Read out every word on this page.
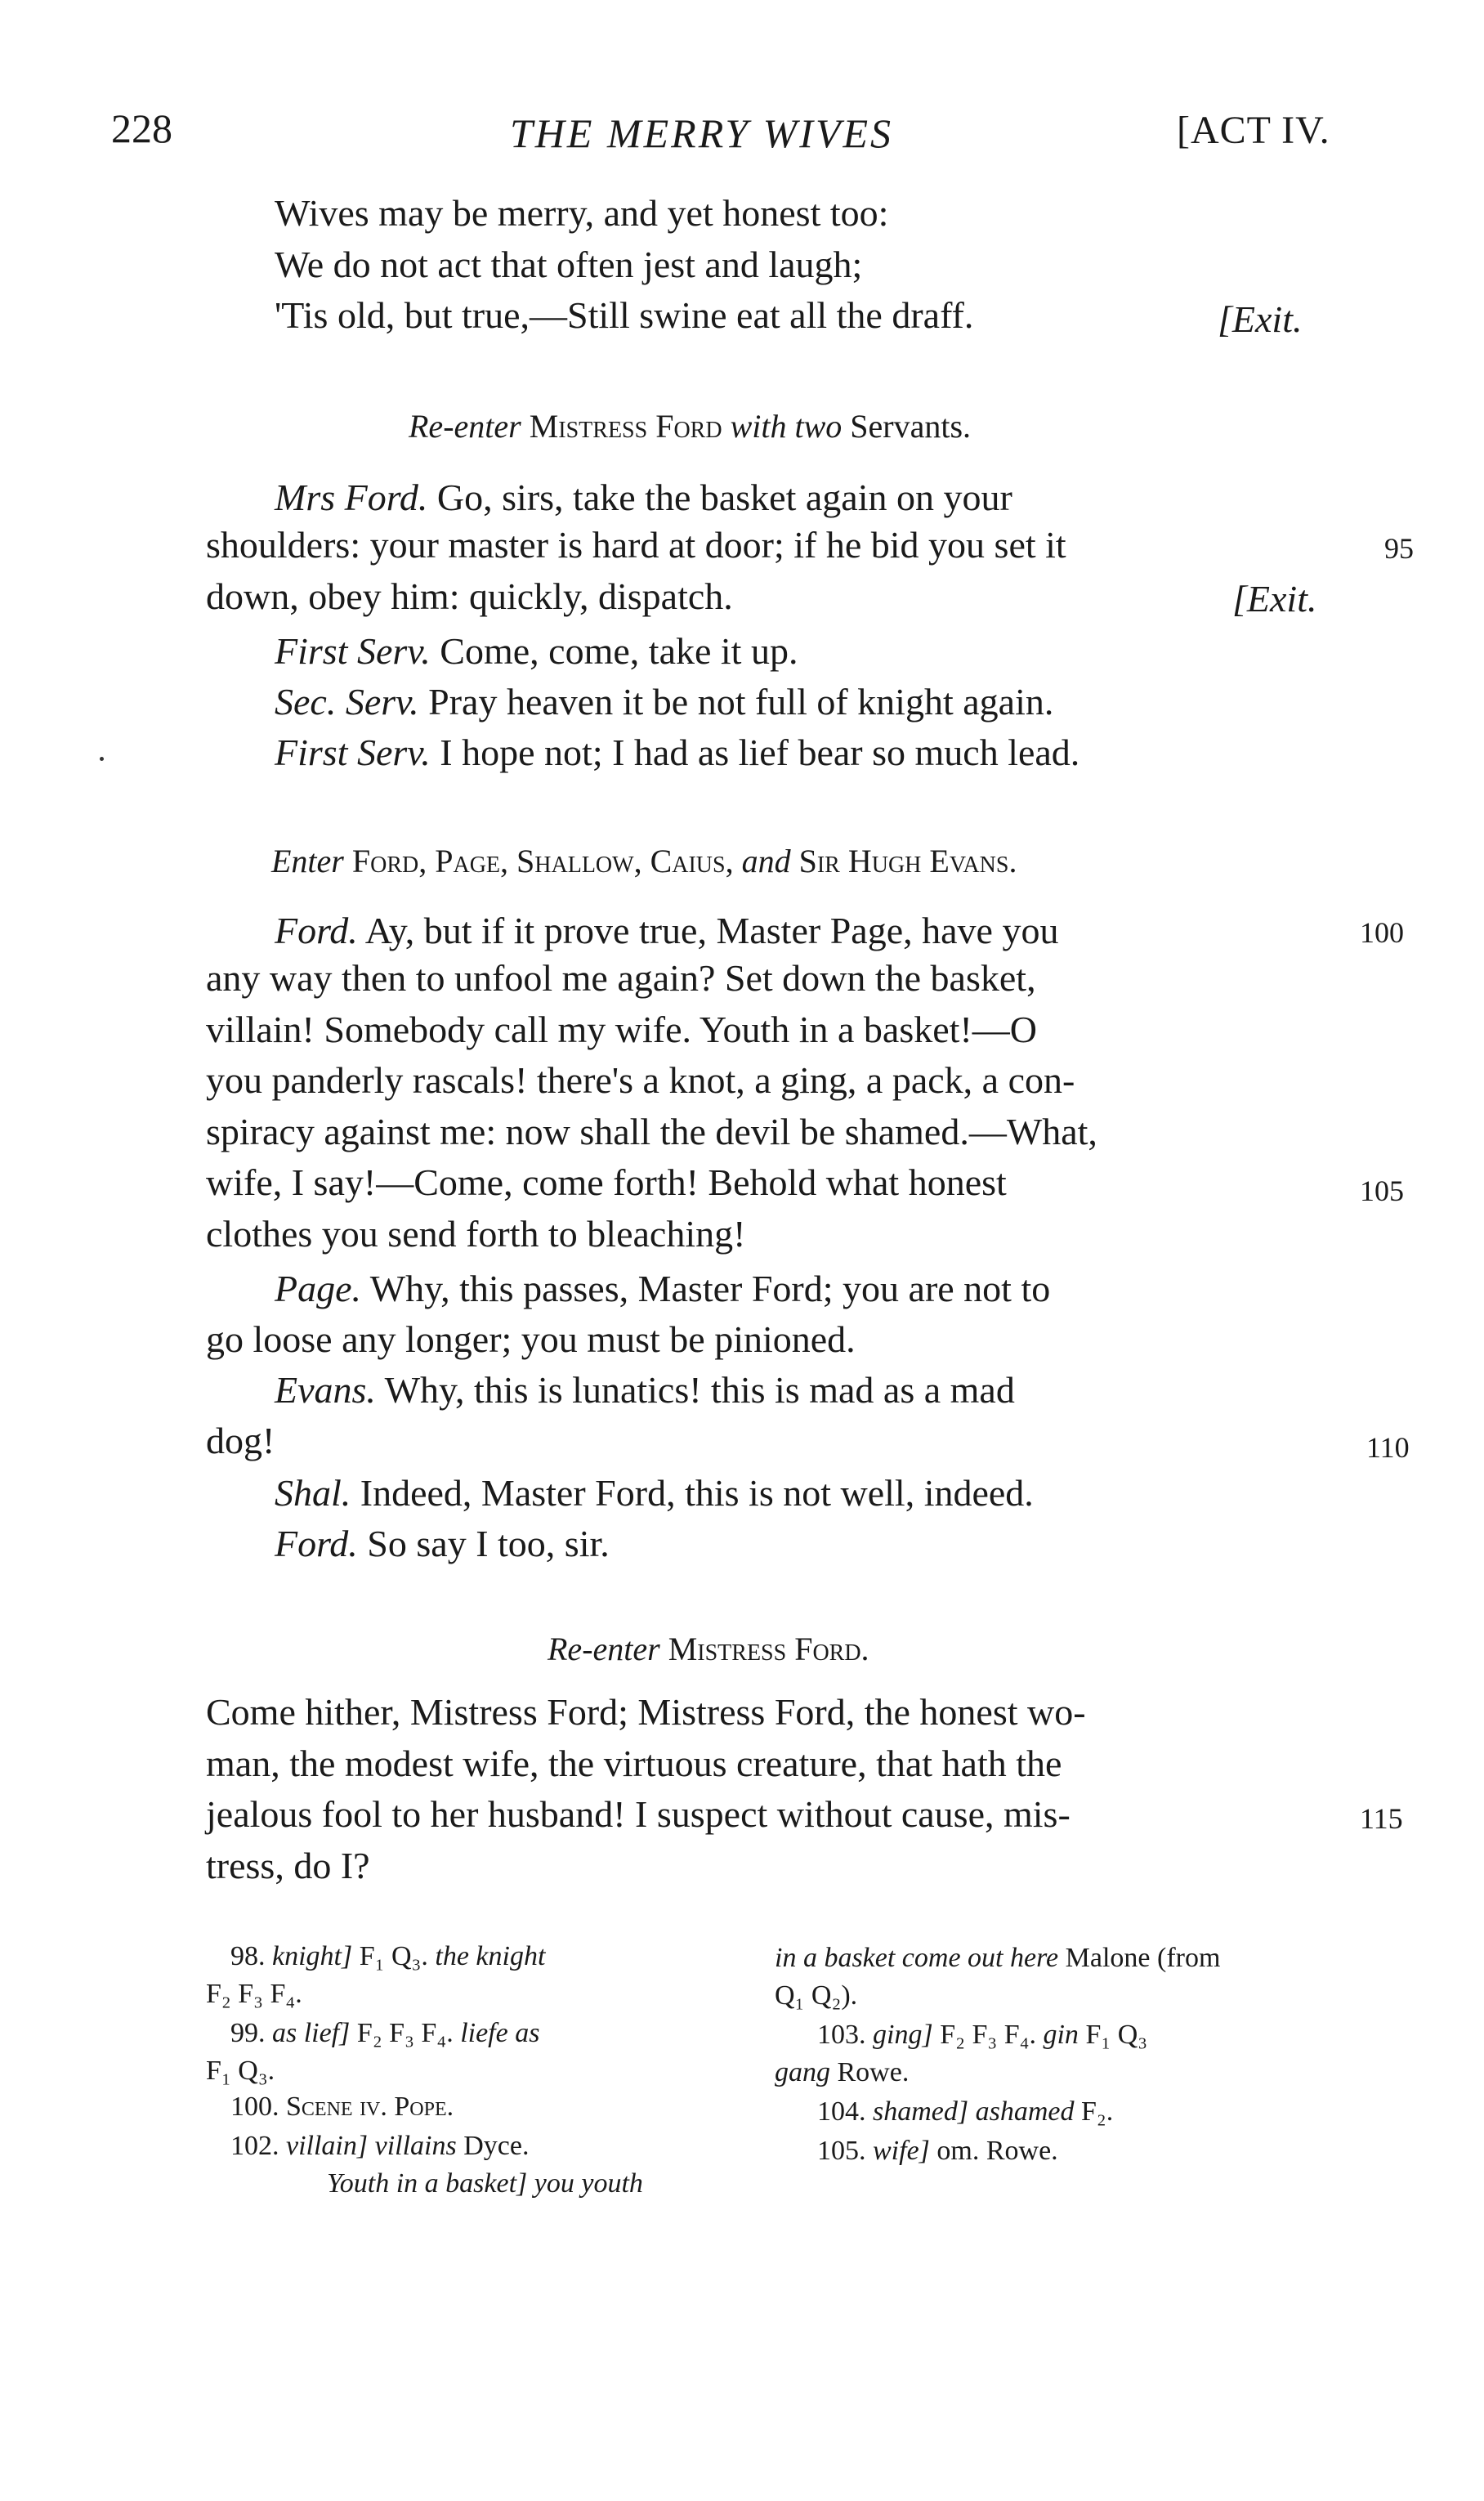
228	THE MERRY WIVES	[ACT IV.
Wives may be merry, and yet honest too:
We do not act that often jest and laugh;
'Tis old, but true,—Still swine eat all the draff.	[Exit.
Re-enter Mistress Ford with two Servants.
Mrs Ford. Go, sirs, take the basket again on your
shoulders: your master is hard at door; if he bid you set it
down, obey him: quickly, dispatch.	[Exit.
First Serv. Come, come, take it up.
Sec. Serv. Pray heaven it be not full of knight again.
First Serv. I hope not; I had as lief bear so much lead.
Enter Ford, Page, Shallow, Caius, and Sir Hugh Evans.
Ford. Ay, but if it prove true, Master Page, have you
any way then to unfool me again? Set down the basket,
villain! Somebody call my wife. Youth in a basket!—O
you panderly rascals! there's a knot, a ging, a pack, a con-
spiracy against me: now shall the devil be shamed.—What,
wife, I say!—Come, come forth! Behold what honest
clothes you send forth to bleaching!
Page. Why, this passes, Master Ford; you are not to
go loose any longer; you must be pinioned.
Evans. Why, this is lunatics! this is mad as a mad
dog!
Shal. Indeed, Master Ford, this is not well, indeed.
Ford. So say I too, sir.
Re-enter Mistress Ford.
Come hither, Mistress Ford; Mistress Ford, the honest wo-
man, the modest wife, the virtuous creature, that hath the
jealous fool to her husband! I suspect without cause, mis-
tress, do I?
95
100
105
110
115
98. knight] F₁ Q₃. the knight
F₂ F₃ F₄.
99. as lief] F₂ F₃ F₄. liefe as
F₁ Q₃.
100. Scene iv. Pope.
102. villain] villains Dyce.
Youth in a basket] you youth
in a basket come out here Malone (from
Q₁ Q₂).
103. ging] F₂ F₃ F₄. gin F₁ Q₃
gang Rowe.
104. shamed] ashamed F₂.
105. wife] om. Rowe.
